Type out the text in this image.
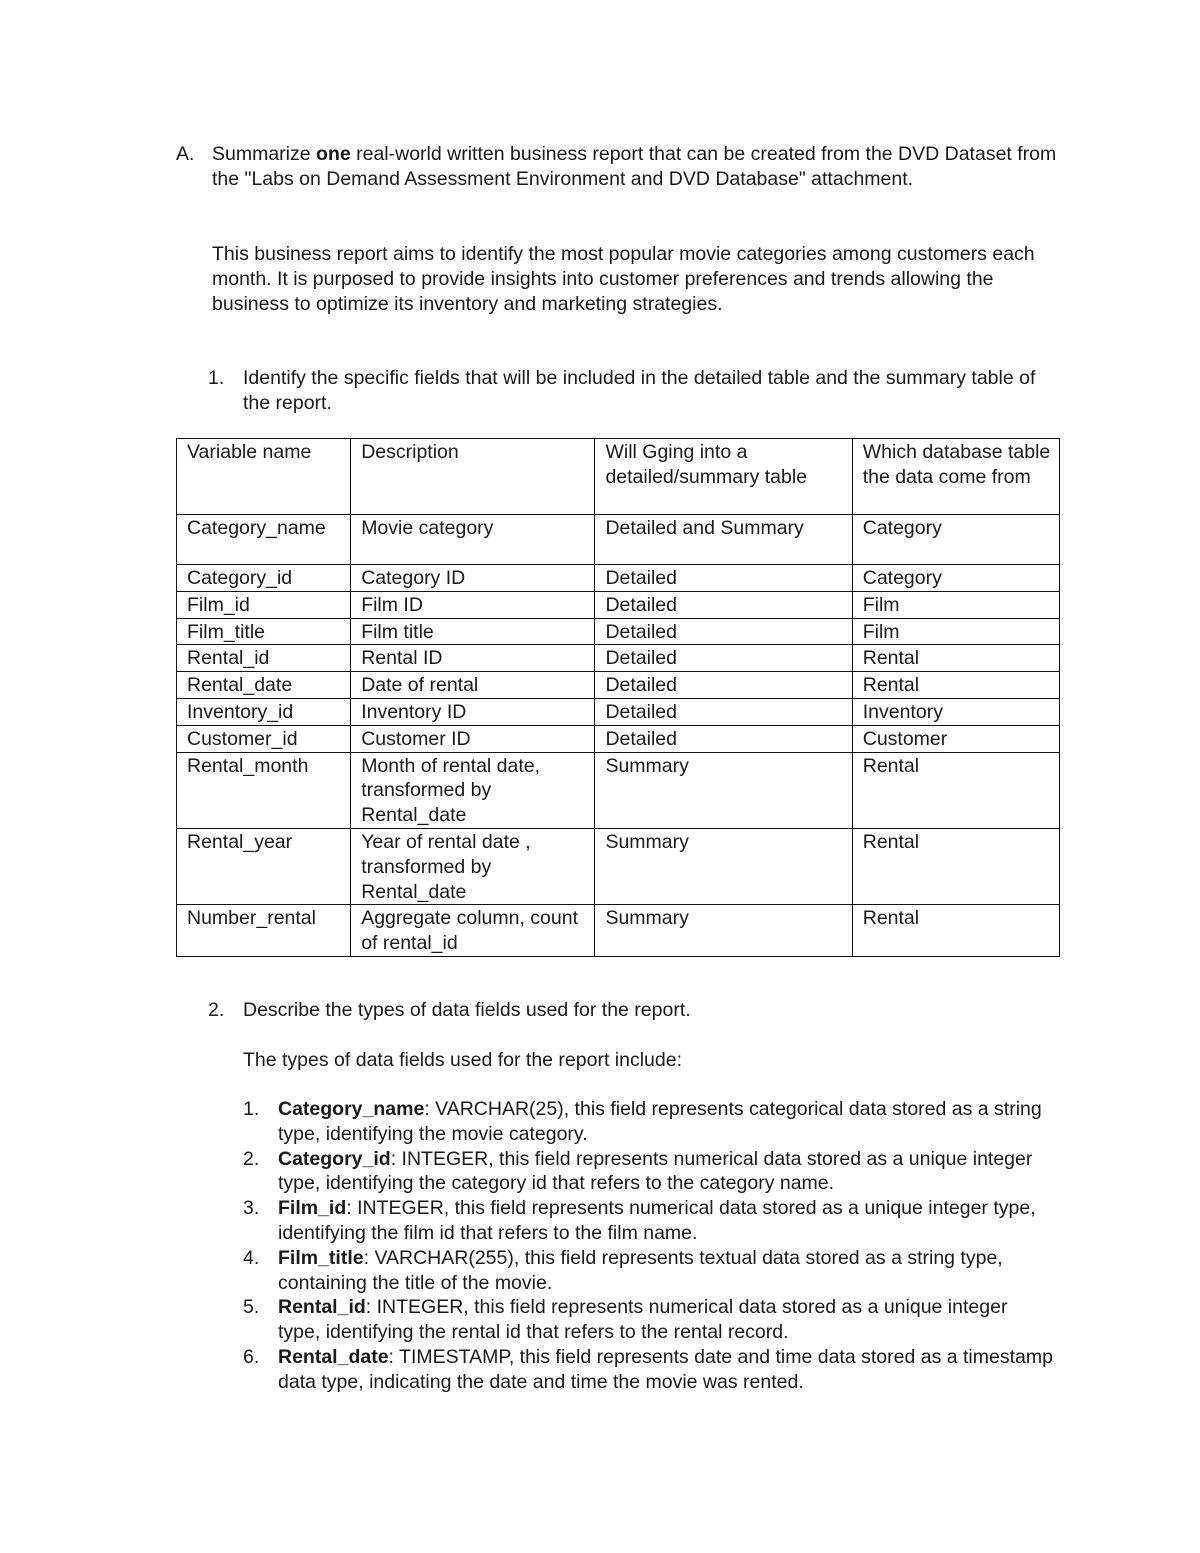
A. Summarize one real-world written business report that can be created from the DVD Dataset from the "Labs on Demand Assessment Environment and DVD Database" attachment.

This business report aims to identify the most popular movie categories among customers each month. It is purposed to provide insights into customer preferences and trends allowing the business to optimize its inventory and marketing strategies.

1. Identify the specific fields that will be included in the detailed table and the summary table of the report.

Variable name	Description	Will Gging into a detailed/summary table	Which database table the data come from
Category_name	Movie category	Detailed and Summary	Category
Category_id	Category ID	Detailed	Category
Film_id	Film ID	Detailed	Film
Film_title	Film title	Detailed	Film
Rental_id	Rental ID	Detailed	Rental
Rental_date	Date of rental	Detailed	Rental
Inventory_id	Inventory ID	Detailed	Inventory
Customer_id	Customer ID	Detailed	Customer
Rental_month	Month of rental date, transformed by Rental_date	Summary	Rental
Rental_year	Year of rental date , transformed by Rental_date	Summary	Rental
Number_rental	Aggregate column, count of rental_id	Summary	Rental
2. Describe the types of data fields used for the report.

The types of data fields used for the report include:

1. Category_name: VARCHAR(25), this field represents categorical data stored as a string type, identifying the movie category.
2. Category_id: INTEGER, this field represents numerical data stored as a unique integer type, identifying the category id that refers to the category name.
3. Film_id: INTEGER, this field represents numerical data stored as a unique integer type, identifying the film id that refers to the film name.
4. Film_title: VARCHAR(255), this field represents textual data stored as a string type, containing the title of the movie.
5. Rental_id: INTEGER, this field represents numerical data stored as a unique integer type, identifying the rental id that refers to the rental record.
6. Rental_date: TIMESTAMP, this field represents date and time data stored as a timestamp data type, indicating the date and time the movie was rented.
